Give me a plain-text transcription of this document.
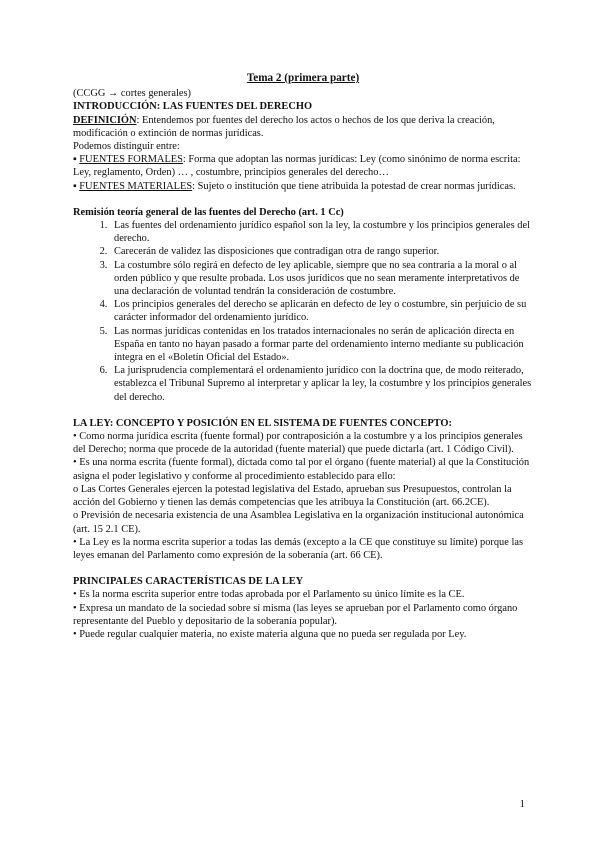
Tema 2 (primera parte)
(CCGG → cortes generales)
INTRODUCCIÓN: LAS FUENTES DEL DERECHO
DEFINICIÓN: Entendemos por fuentes del derecho los actos o hechos de los que deriva la creación, modificación o extinción de normas jurídicas.
Podemos distinguir entre:
▪ FUENTES FORMALES: Forma que adoptan las normas jurídicas: Ley (como sinónimo de norma escrita: Ley, reglamento, Orden) … , costumbre, principios generales del derecho…
▪ FUENTES MATERIALES: Sujeto o institución que tiene atribuida la potestad de crear normas jurídicas.
Remisión teoría general de las fuentes del Derecho (art. 1 Cc)
1. Las fuentes del ordenamiento jurídico español son la ley, la costumbre y los principios generales del derecho.
2. Carecerán de validez las disposiciones que contradigan otra de rango superior.
3. La costumbre sólo regirá en defecto de ley aplicable, siempre que no sea contraria a la moral o al orden público y que resulte probada. Los usos jurídicos que no sean meramente interpretativos de una declaración de voluntad tendrán la consideración de costumbre.
4. Los principios generales del derecho se aplicarán en defecto de ley o costumbre, sin perjuicio de su carácter informador del ordenamiento jurídico.
5. Las normas jurídicas contenidas en los tratados internacionales no serán de aplicación directa en España en tanto no hayan pasado a formar parte del ordenamiento interno mediante su publicación íntegra en el «Boletín Oficial del Estado».
6. La jurisprudencia complementará el ordenamiento jurídico con la doctrina que, de modo reiterado, establezca el Tribunal Supremo al interpretar y aplicar la ley, la costumbre y los principios generales del derecho.
LA LEY: CONCEPTO Y POSICIÓN EN EL SISTEMA DE FUENTES CONCEPTO:
• Como norma jurídica escrita (fuente formal) por contraposición a la costumbre y a los principios generales del Derecho; norma que procede de la autoridad (fuente material) que puede dictarla (art. 1 Código Civil).
• Es una norma escrita (fuente formal), dictada como tal por el órgano (fuente material) al que la Constitución asigna el poder legislativo y conforme al procedimiento establecido para ello:
o Las Cortes Generales ejercen la potestad legislativa del Estado, aprueban sus Presupuestos, controlan la acción del Gobierno y tienen las demás competencias que les atribuya la Constitución (art. 66.2CE).
o Previsión de necesaria existencia de una Asamblea Legislativa en la organización institucional autonómica (art. 15 2.1 CE).
• La Ley es la norma escrita superior a todas las demás (excepto a la CE que constituye su límite) porque las leyes emanan del Parlamento como expresión de la soberanía (art. 66 CE).
PRINCIPALES CARACTERÍSTICAS DE LA LEY
• Es la norma escrita superior entre todas aprobada por el Parlamento su único límite es la CE.
• Expresa un mandato de la sociedad sobre sí misma (las leyes se aprueban por el Parlamento como órgano representante del Pueblo y depositario de la soberanía popular).
• Puede regular cualquier materia, no existe materia alguna que no pueda ser regulada por Ley.
1
